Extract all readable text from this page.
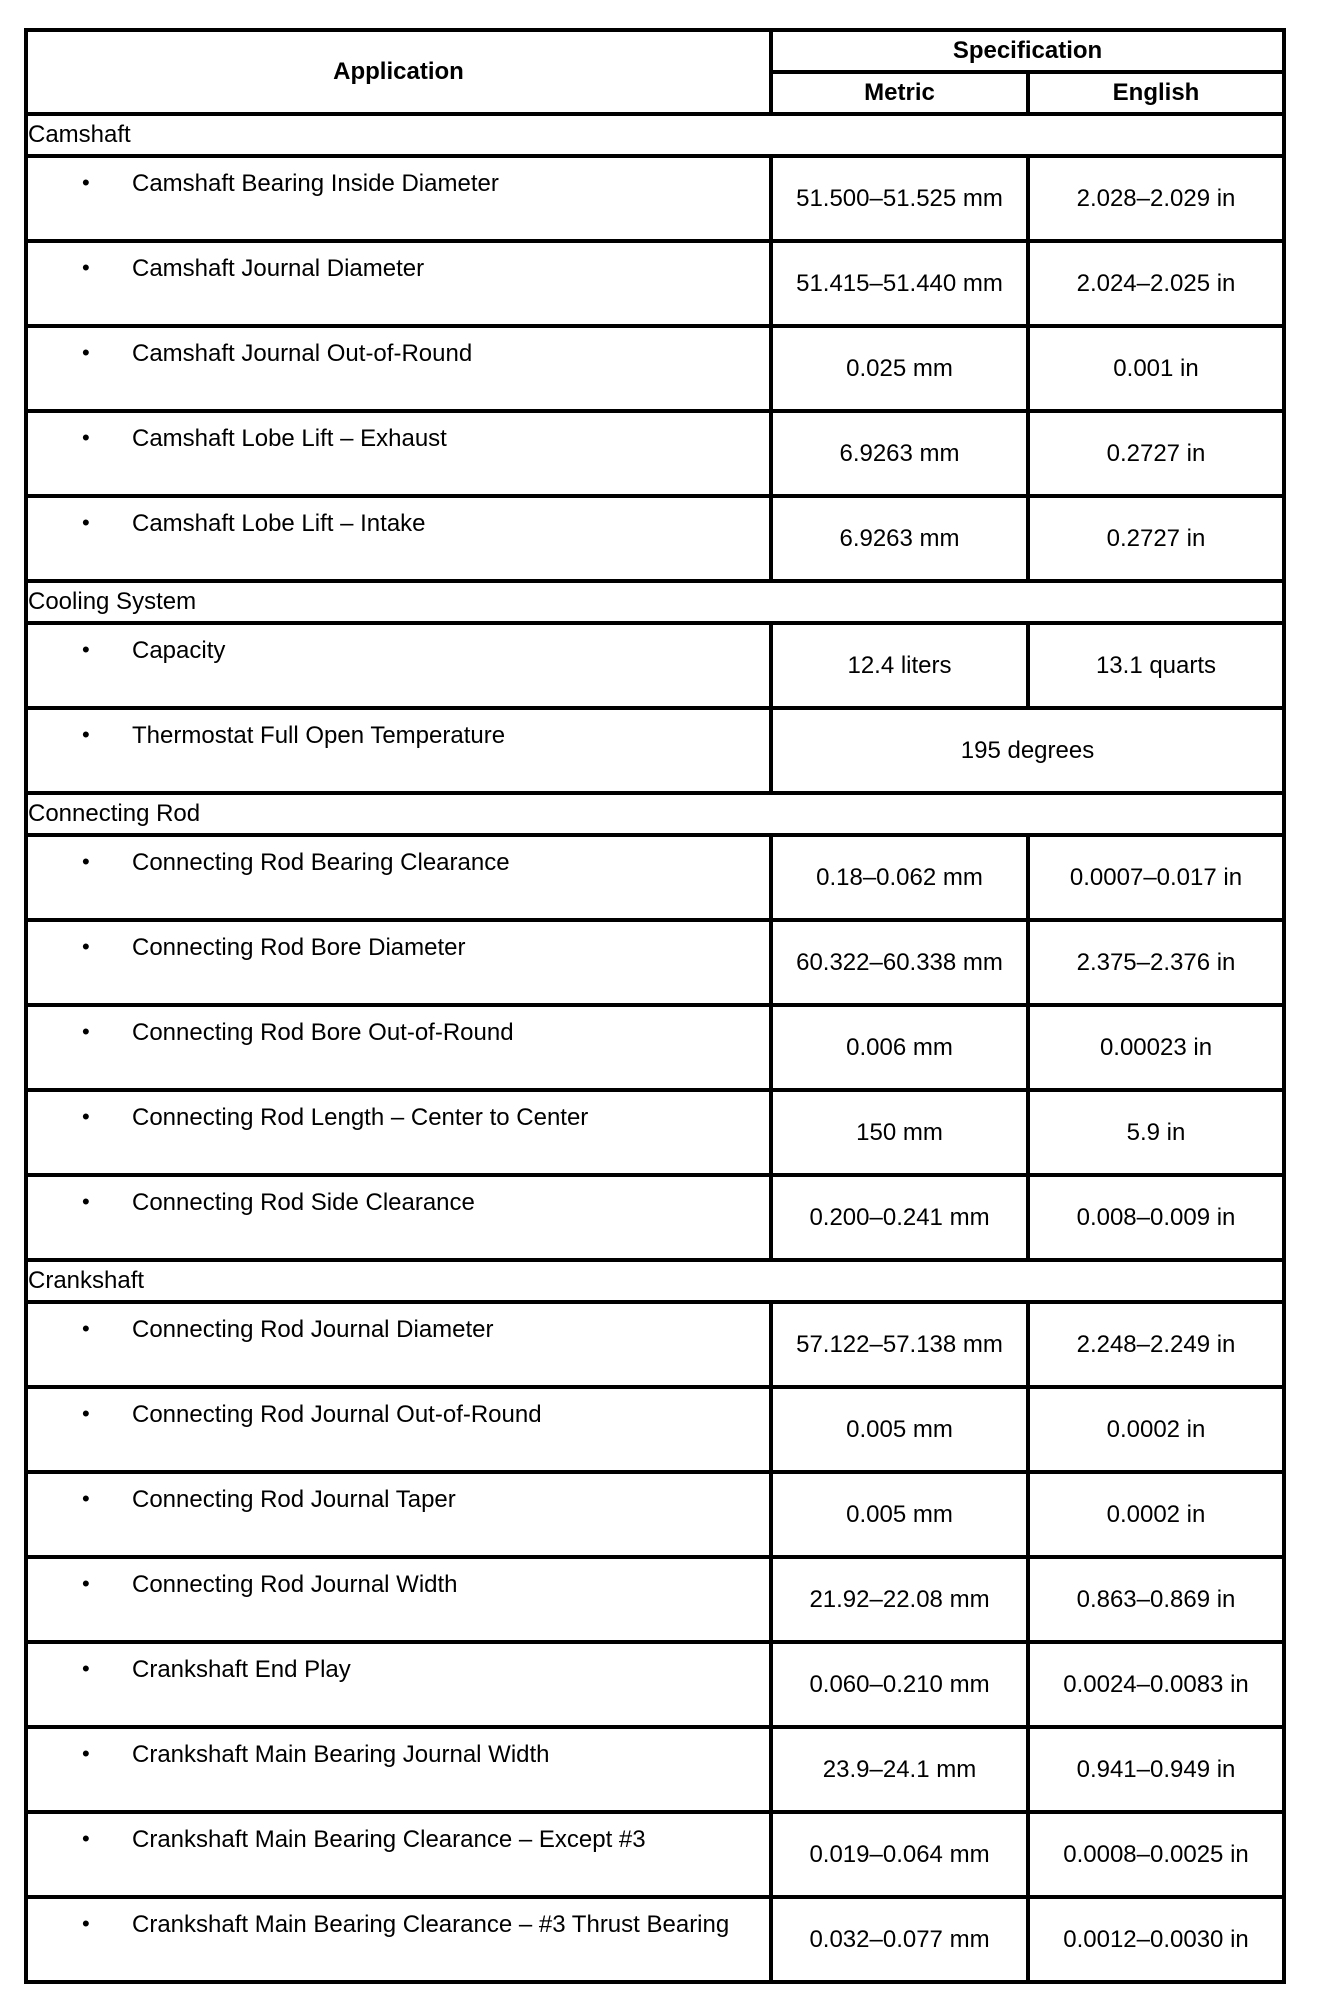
Application	Specification	
	Metric	English
Camshaft		

• Camshaft Bearing Inside Diameter	51.500–51.525 mm	2.028–2.029 in

• Camshaft Journal Diameter	51.415–51.440 mm	2.024–2.025 in

• Camshaft Journal Out-of-Round	0.025 mm	0.001 in

• Camshaft Lobe Lift – Exhaust	6.9263 mm	0.2727 in

• Camshaft Lobe Lift – Intake	6.9263 mm	0.2727 in
Cooling System		

• Capacity	12.4 liters	13.1 quarts

• Thermostat Full Open Temperature	195 degrees	
Connecting Rod		

• Connecting Rod Bearing Clearance	0.18–0.062 mm	0.0007–0.017 in

• Connecting Rod Bore Diameter	60.322–60.338 mm	2.375–2.376 in

• Connecting Rod Bore Out-of-Round	0.006 mm	0.00023 in

• Connecting Rod Length – Center to Center	150 mm	5.9 in

• Connecting Rod Side Clearance	0.200–0.241 mm	0.008–0.009 in
Crankshaft		

• Connecting Rod Journal Diameter	57.122–57.138 mm	2.248–2.249 in

• Connecting Rod Journal Out-of-Round	0.005 mm	0.0002 in

• Connecting Rod Journal Taper	0.005 mm	0.0002 in

• Connecting Rod Journal Width	21.92–22.08 mm	0.863–0.869 in

• Crankshaft End Play	0.060–0.210 mm	0.0024–0.0083 in

• Crankshaft Main Bearing Journal Width	23.9–24.1 mm	0.941–0.949 in

• Crankshaft Main Bearing Clearance – Except #3	0.019–0.064 mm	0.0008–0.0025 in

• Crankshaft Main Bearing Clearance – #3 Thrust Bearing	0.032–0.077 mm	0.0012–0.0030 in
